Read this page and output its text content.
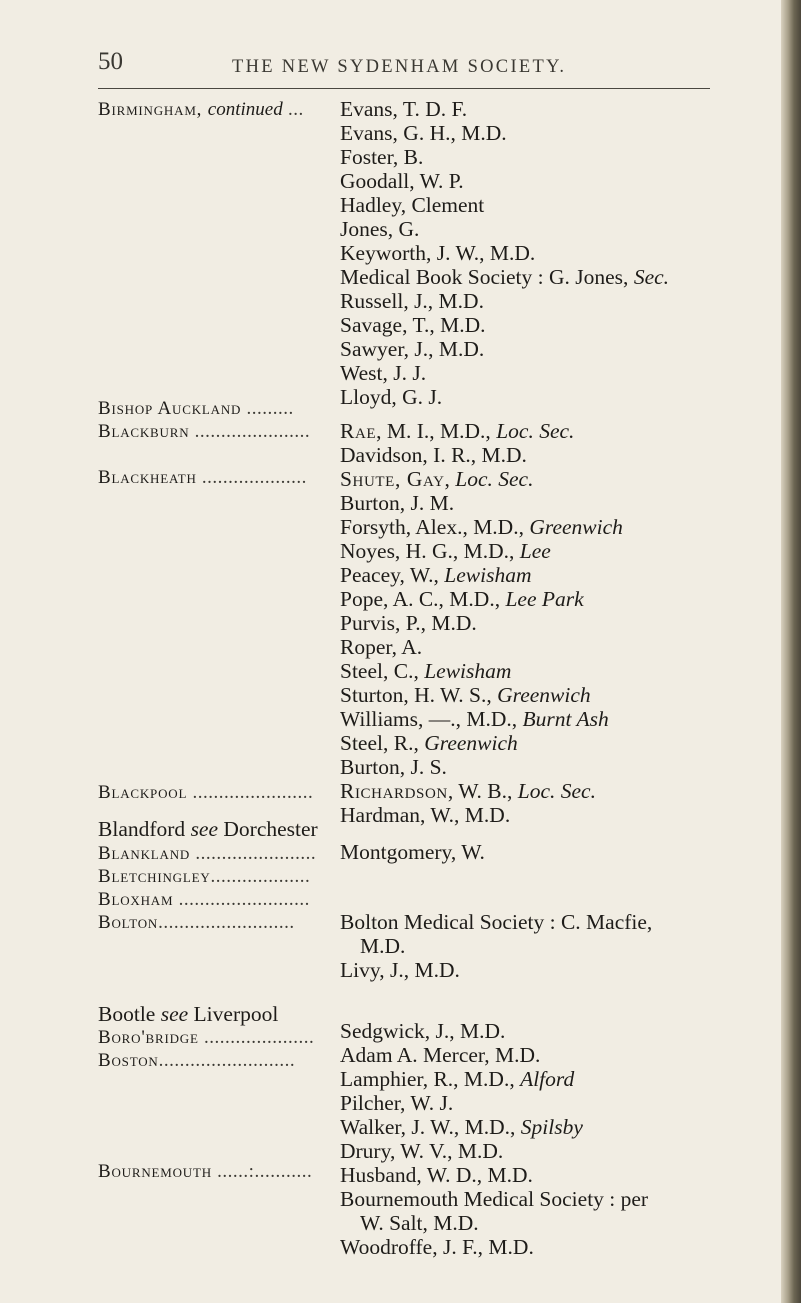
50	THE NEW SYDENHAM SOCIETY.
Birmingham, continued ...
Bishop Auckland .........
Blackburn ......................
Blackheath ....................
Blackpool .......................
Blandford see Dorchester
Blankland .......................
Bletchingley...................
Bloxham .........................
Bolton..........................
Bootle see Liverpool
Boro'bridge .....................
Boston..........................
Bournemouth ......:...........
Evans, T. D. F.
Evans, G. H., M.D.
Foster, B.
Goodall, W. P.
Hadley, Clement
Jones, G.
Keyworth, J. W., M.D.
Medical Book Society : G. Jones, Sec.
Russell, J., M.D.
Savage, T., M.D.
Sawyer, J., M.D.
West, J. J.
Lloyd, G. J.
Rae, M. I., M.D., Loc. Sec.
Davidson, I. R., M.D.
Shute, Gay, Loc. Sec.
Burton, J. M.
Forsyth, Alex., M.D., Greenwich
Noyes, H. G., M.D., Lee
Peacey, W., Lewisham
Pope, A. C., M.D., Lee Park
Purvis, P., M.D.
Roper, A.
Steel, C., Lewisham
Sturton, H. W. S., Greenwich
Williams, —., M.D., Burnt Ash
Steel, R., Greenwich
Burton, J. S.
Richardson, W. B., Loc. Sec.
Hardman, W., M.D.
Montgomery, W.
Bolton Medical Society : C. Macfie,
M.D.
Livy, J., M.D.
Sedgwick, J., M.D.
Adam A. Mercer, M.D.
Lamphier, R., M.D., Alford
Pilcher, W. J.
Walker, J. W., M.D., Spilsby
Drury, W. V., M.D.
Husband, W. D., M.D.
Bournemouth Medical Society : per
W. Salt, M.D.
Woodroffe, J. F., M.D.
